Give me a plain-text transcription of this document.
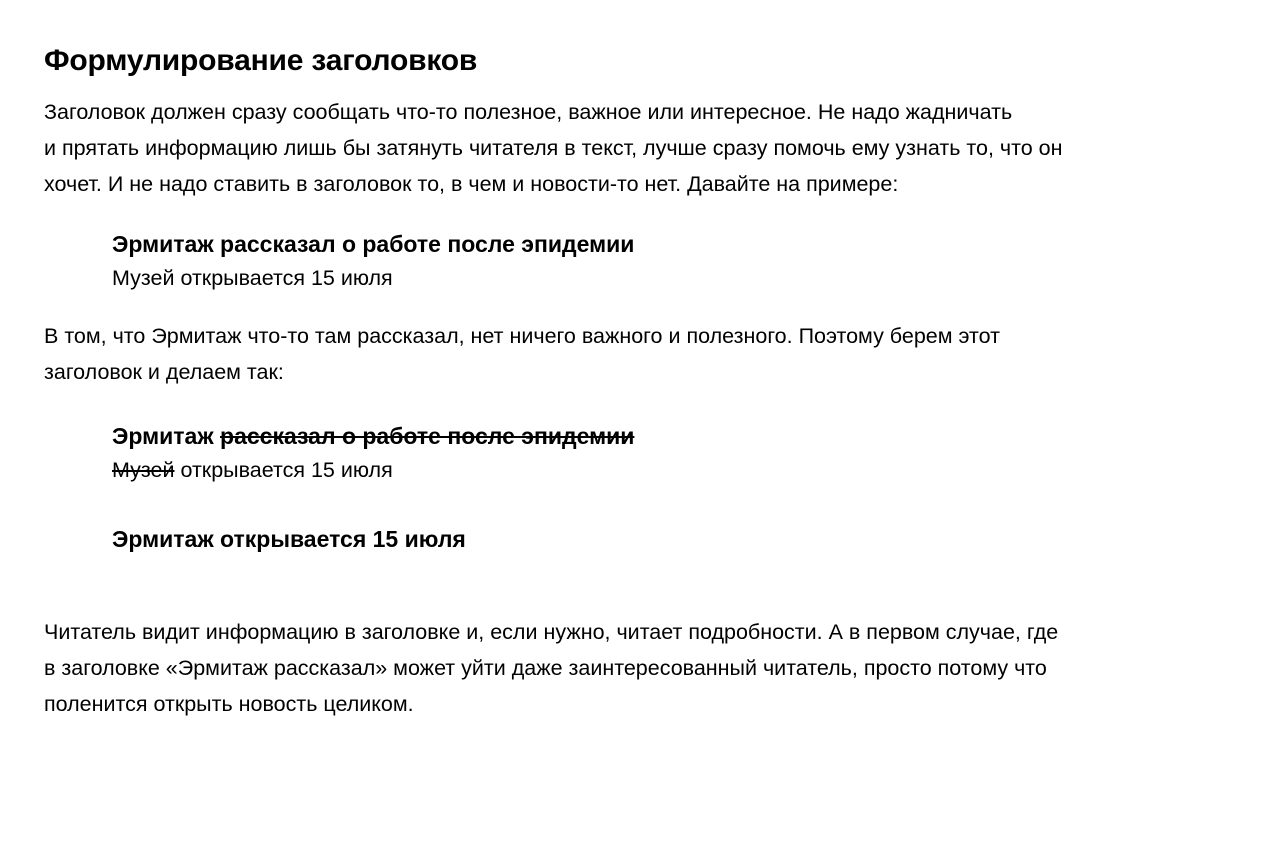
Формулирование заголовков

Заголовок должен сразу сообщать что-то полезное, важное или интересное. Не надо жадничать
и прятать информацию лишь бы затянуть читателя в текст, лучше сразу помочь ему узнать то, что он
хочет. И не надо ставить в заголовок то, в чем и новости-то нет. Давайте на примере:

Эрмитаж рассказал о работе после эпидемии
Музей открывается 15 июля

В том, что Эрмитаж что-то там рассказал, нет ничего важного и полезного. Поэтому берем этот
заголовок и делаем так:

Эрмитаж рассказал о работе после эпидемии
Музей открывается 15 июля
Эрмитаж открывается 15 июля

Читатель видит информацию в заголовке и, если нужно, читает подробности. А в первом случае, где
в заголовке «Эрмитаж рассказал» может уйти даже заинтересованный читатель, просто потому что
поленится открыть новость целиком.
